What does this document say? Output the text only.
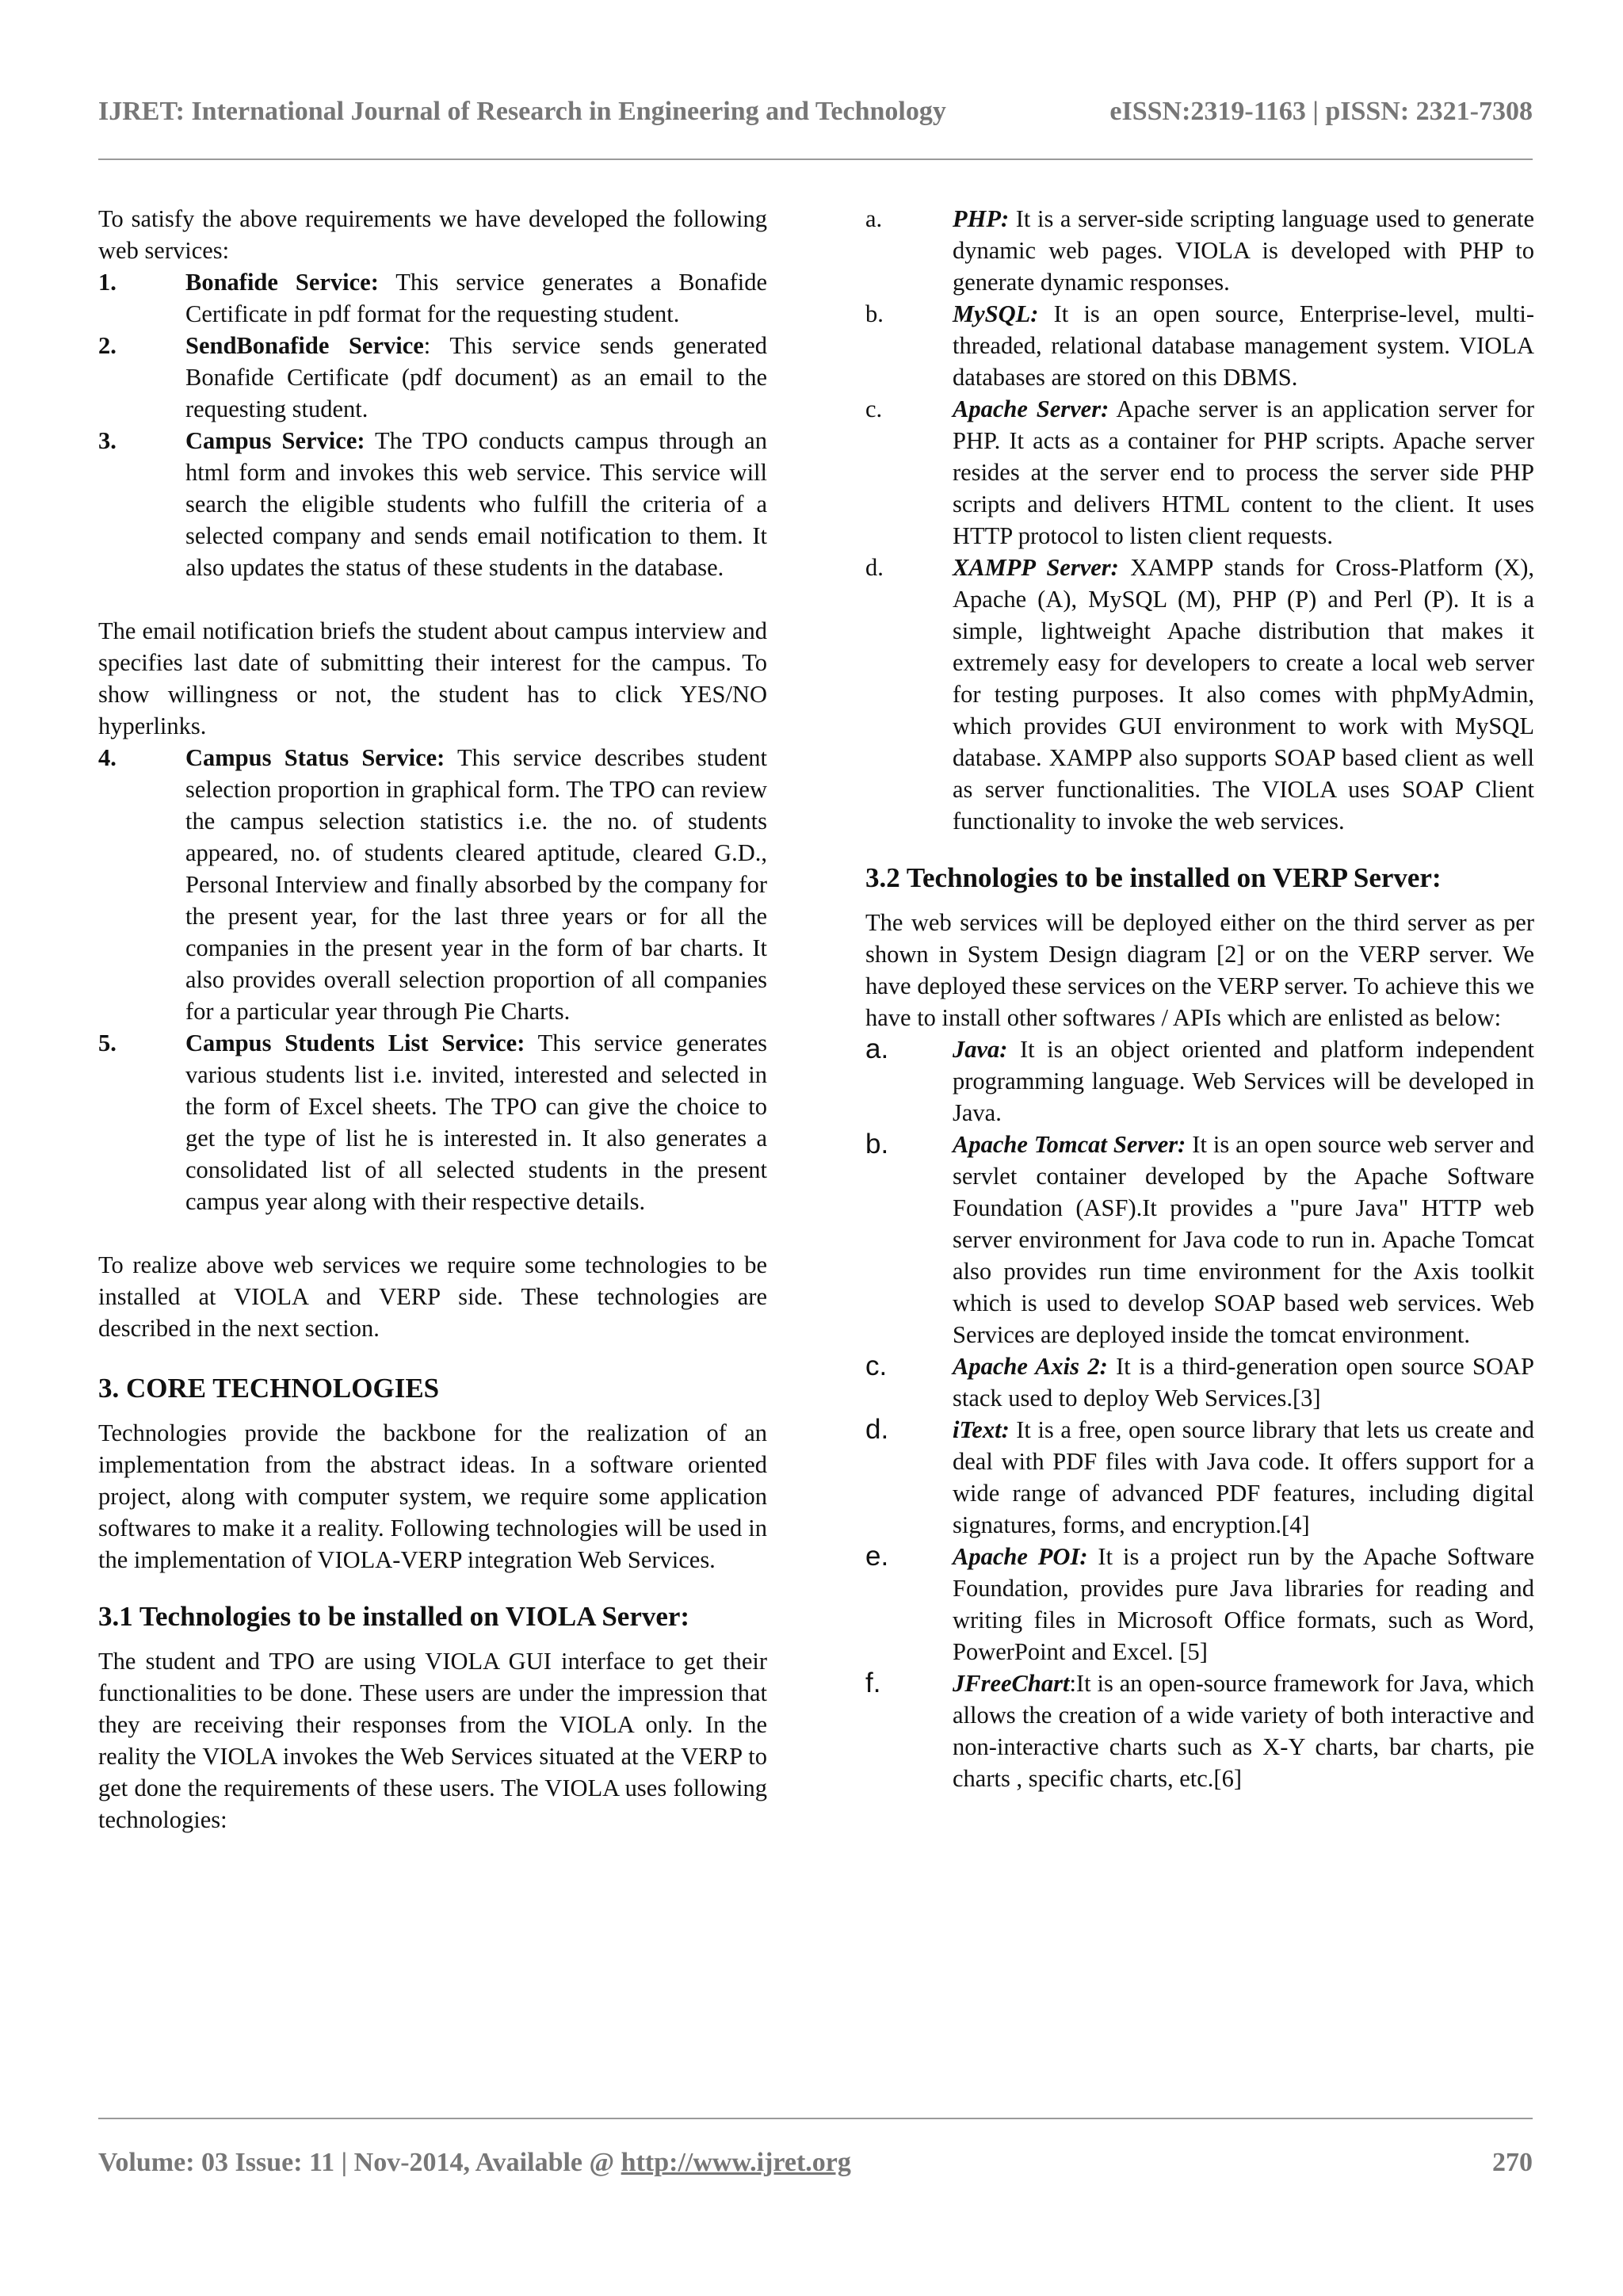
IJRET: International Journal of Research in Engineering and Technology	eISSN:2319-1163 | pISSN: 2321-7308

To satisfy the above requirements we have developed the following web services:

1.	Bonafide Service: This service generates a Bonafide Certificate in pdf format for the requesting student.
2.	SendBonafide Service: This service sends generated Bonafide Certificate (pdf document) as an email to the requesting student.
3.	Campus Service: The TPO conducts campus through an html form and invokes this web service. This service will search the eligible students who fulfill the criteria of a selected company and sends email notification to them. It also updates the status of these students in the database.

The email notification briefs the student about campus interview and specifies last date of submitting their interest for the campus. To show willingness or not, the student has to click YES/NO hyperlinks.

4.	Campus Status Service: This service describes student selection proportion in graphical form. The TPO can review the campus selection statistics i.e. the no. of students appeared, no. of students cleared aptitude, cleared G.D., Personal Interview and finally absorbed by the company for the present year, for the last three years or for all the companies in the present year in the form of bar charts. It also provides overall selection proportion of all companies for a particular year through Pie Charts.
5.	Campus Students List Service: This service generates various students list i.e. invited, interested and selected in the form of Excel sheets. The TPO can give the choice to get the type of list he is interested in. It also generates a consolidated list of all selected students in the present campus year along with their respective details.

To realize above web services we require some technologies to be installed at VIOLA and VERP side. These technologies are described in the next section.

3. CORE TECHNOLOGIES

Technologies provide the backbone for the realization of an implementation from the abstract ideas. In a software oriented project, along with computer system, we require some application softwares to make it a reality. Following technologies will be used in the implementation of VIOLA-VERP integration Web Services.

3.1 Technologies to be installed on VIOLA Server:

The student and TPO are using VIOLA GUI interface to get their functionalities to be done. These users are under the impression that they are receiving their responses from the VIOLA only. In the reality the VIOLA invokes the Web Services situated at the VERP to get done the requirements of these users. The VIOLA uses following technologies:

a.	PHP: It is a server-side scripting language used to generate dynamic web pages. VIOLA is developed with PHP to generate dynamic responses.
b.	MySQL: It is an open source, Enterprise-level, multi-threaded, relational database management system. VIOLA databases are stored on this DBMS.
c.	Apache Server: Apache server is an application server for PHP. It acts as a container for PHP scripts. Apache server resides at the server end to process the server side PHP scripts and delivers HTML content to the client. It uses HTTP protocol to listen client requests.
d.	XAMPP Server: XAMPP stands for Cross-Platform (X), Apache (A), MySQL (M), PHP (P) and Perl (P). It is a simple, lightweight Apache distribution that makes it extremely easy for developers to create a local web server for testing purposes. It also comes with phpMyAdmin, which provides GUI environment to work with MySQL database. XAMPP also supports SOAP based client as well as server functionalities. The VIOLA uses SOAP Client functionality to invoke the web services.
3.2 Technologies to be installed on VERP Server:

The web services will be deployed either on the third server as per shown in System Design diagram [2] or on the VERP server. We have deployed these services on the VERP server. To achieve this we have to install other softwares / APIs which are enlisted as below:

a.	Java: It is an object oriented and platform independent programming language. Web Services will be developed in Java.
b.	Apache Tomcat Server: It is an open source web server and servlet container developed by the Apache Software Foundation (ASF).It provides a "pure Java" HTTP web server environment for Java code to run in. Apache Tomcat also provides run time environment for the Axis toolkit which is used to develop SOAP based web services. Web Services are deployed inside the tomcat environment.
c.	Apache Axis 2: It is a third-generation open source SOAP stack used to deploy Web Services.[3]
d.	iText: It is a free, open source library that lets us create and deal with PDF files with Java code. It offers support for a wide range of advanced PDF features, including digital signatures, forms, and encryption.[4]
e.	Apache POI: It is a project run by the Apache Software Foundation, provides pure Java libraries for reading and writing files in Microsoft Office formats, such as Word, PowerPoint and Excel. [5]
f.	JFreeChart:It is an open-source framework for Java, which allows the creation of a wide variety of both interactive and non-interactive charts such as X-Y charts, bar charts, pie charts , specific charts, etc.[6]
Volume: 03 Issue: 11 | Nov-2014, Available @ http://www.ijret.org	270
